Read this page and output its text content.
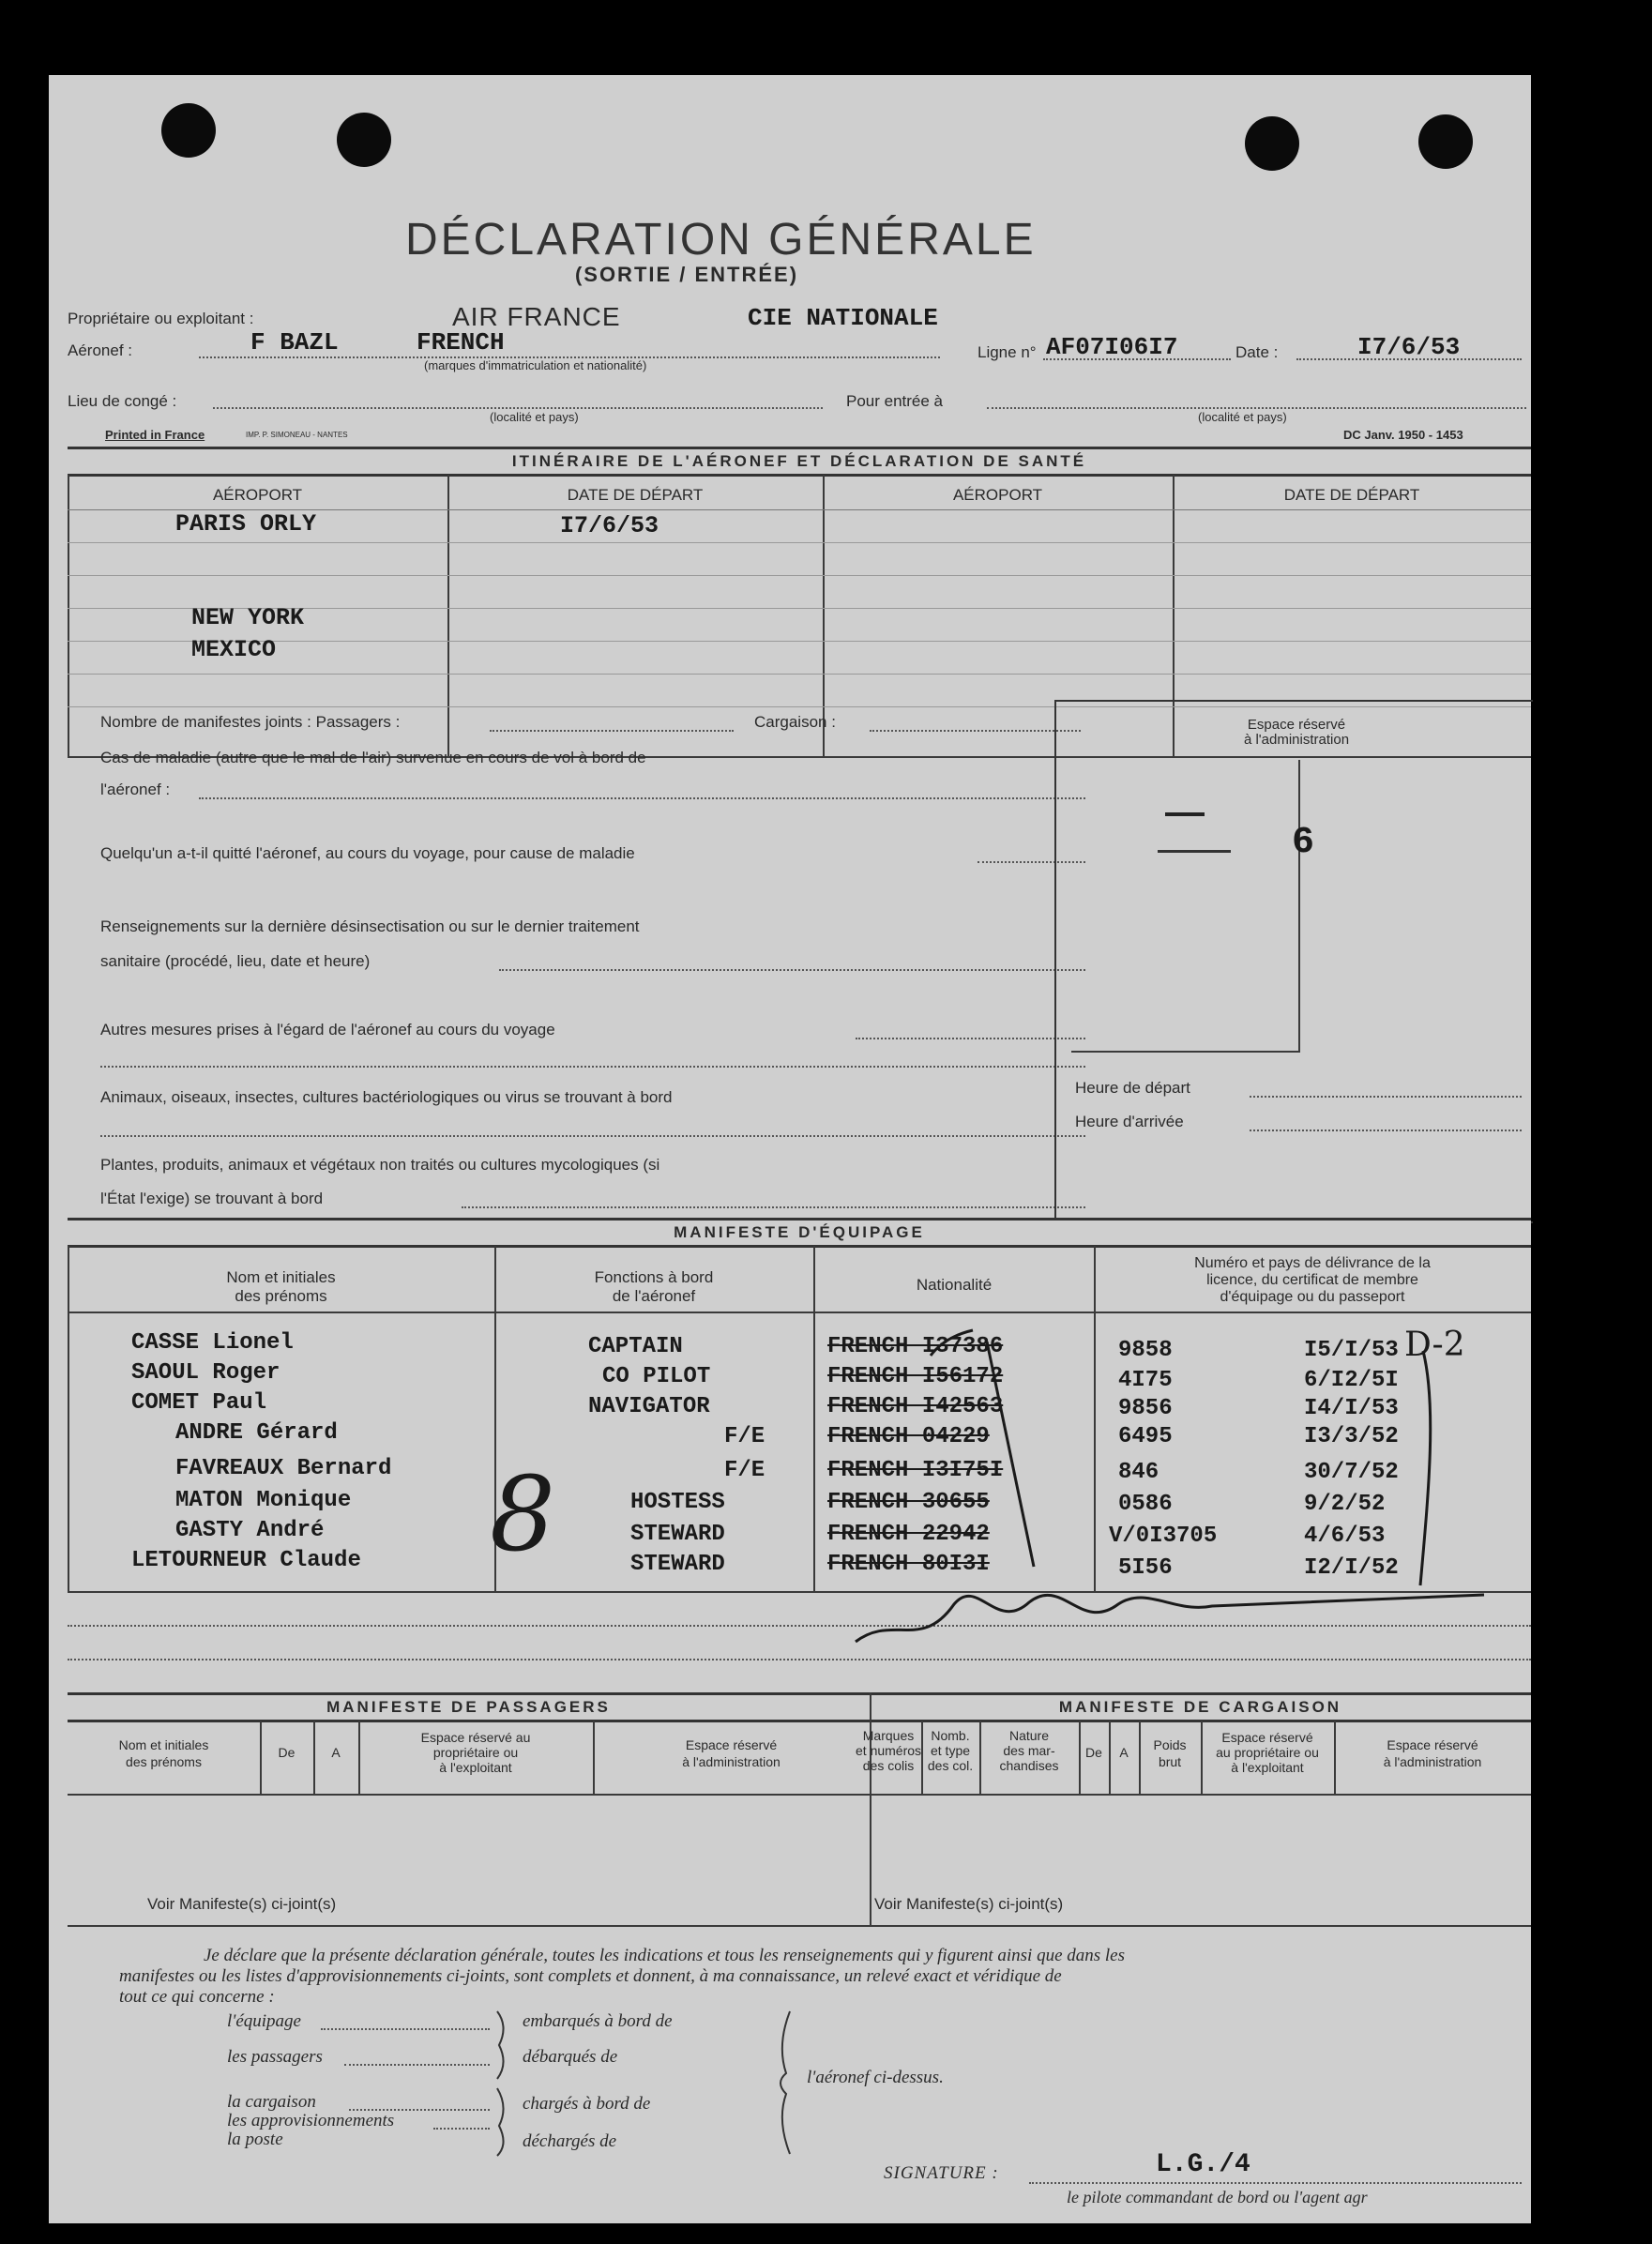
DÉCLARATION GÉNÉRALE
(SORTIE / ENTRÉE)
Propriétaire ou exploitant :	AIR FRANCE	CIE NATIONALE
Aéronef :	F BAZL	FRENCH
(marques d'immatriculation et nationalité)
Ligne n° AF07I06I7	Date :	I7/6/53
Lieu de congé :
(localité et pays)
Pour entrée à
(localité et pays)
Printed in France	IMP. P. SIMONEAU - NANTES	DC Janv. 1950 - 1453
ITINÉRAIRE DE L'AÉRONEF ET DÉCLARATION DE SANTÉ
AÉROPORT	DATE DE DÉPART	AÉROPORT	DATE DE DÉPART
PARIS ORLY	I7/6/53
NEW YORK
MEXICO
Nombre de manifestes joints : Passagers :	Cargaison :
Cas de maladie (autre que le mal de l'air) survenue en cours de vol à bord de
l'aéronef :
Quelqu'un a-t-il quitté l'aéronef, au cours du voyage, pour cause de maladie
Renseignements sur la dernière désinsectisation ou sur le dernier traitement
sanitaire (procédé, lieu, date et heure)
Autres mesures prises à l'égard de l'aéronef au cours du voyage
Animaux, oiseaux, insectes, cultures bactériologiques ou virus se trouvant à bord
Plantes, produits, animaux et végétaux non traités ou cultures mycologiques (si
l'État l'exige) se trouvant à bord
Espace réservé
à l'administration
6
Heure de départ
Heure d'arrivée
MANIFESTE D'ÉQUIPAGE
Nom et initiales
des prénoms
Fonctions à bord
de l'aéronef
Nationalité
Numéro et pays de délivrance de la
licence, du certificat de membre
d'équipage ou du passeport
CASSE Lionel	CAPTAIN	FRENCH I37386	9858	I5/I/53
SAOUL Roger	CO PILOT	FRENCH I56172	4I75	6/I2/5I
COMET Paul	NAVIGATOR	FRENCH I42563	9856	I4/I/53
ANDRE Gérard	F/E	FRENCH 04229	6495	I3/3/52
FAVREAUX Bernard	F/E	FRENCH I3I75I	846	30/7/52
MATON Monique	HOSTESS	FRENCH 30655	0586	9/2/52
GASTY André	STEWARD	FRENCH 22942	V/0I3705	4/6/53
LETOURNEUR Claude	STEWARD	FRENCH 80I3I	5I56	I2/I/52
D-2
8
MANIFESTE DE PASSAGERS	MANIFESTE DE CARGAISON
Nom et initiales
des prénoms
De	A
Espace réservé au
propriétaire ou
à l'exploitant
Espace réservé
à l'administration
Voir Manifeste(s) ci-joint(s)
Marques
et numéros
des colis
Nomb.
et type
des col.
Nature
des mar-
chandises
De	A	Poids
brut
Espace réservé
au propriétaire ou
à l'exploitant
Espace réservé
à l'administration
Voir Manifeste(s) ci-joint(s)
Je déclare que la présente déclaration générale, toutes les indications et tous les renseignements qui y figurent ainsi que dans les
manifestes ou les listes d'approvisionnements ci-joints, sont complets et donnent, à ma connaissance, un relevé exact et véridique de
tout ce qui concerne :
l'équipage	embarqués à bord de
les passagers	débarqués de
la cargaison	chargés à bord de
les approvisionnements
la poste	déchargés de
l'aéronef ci-dessus.
SIGNATURE :	L.G./4
le pilote commandant de bord ou l'agent agr
